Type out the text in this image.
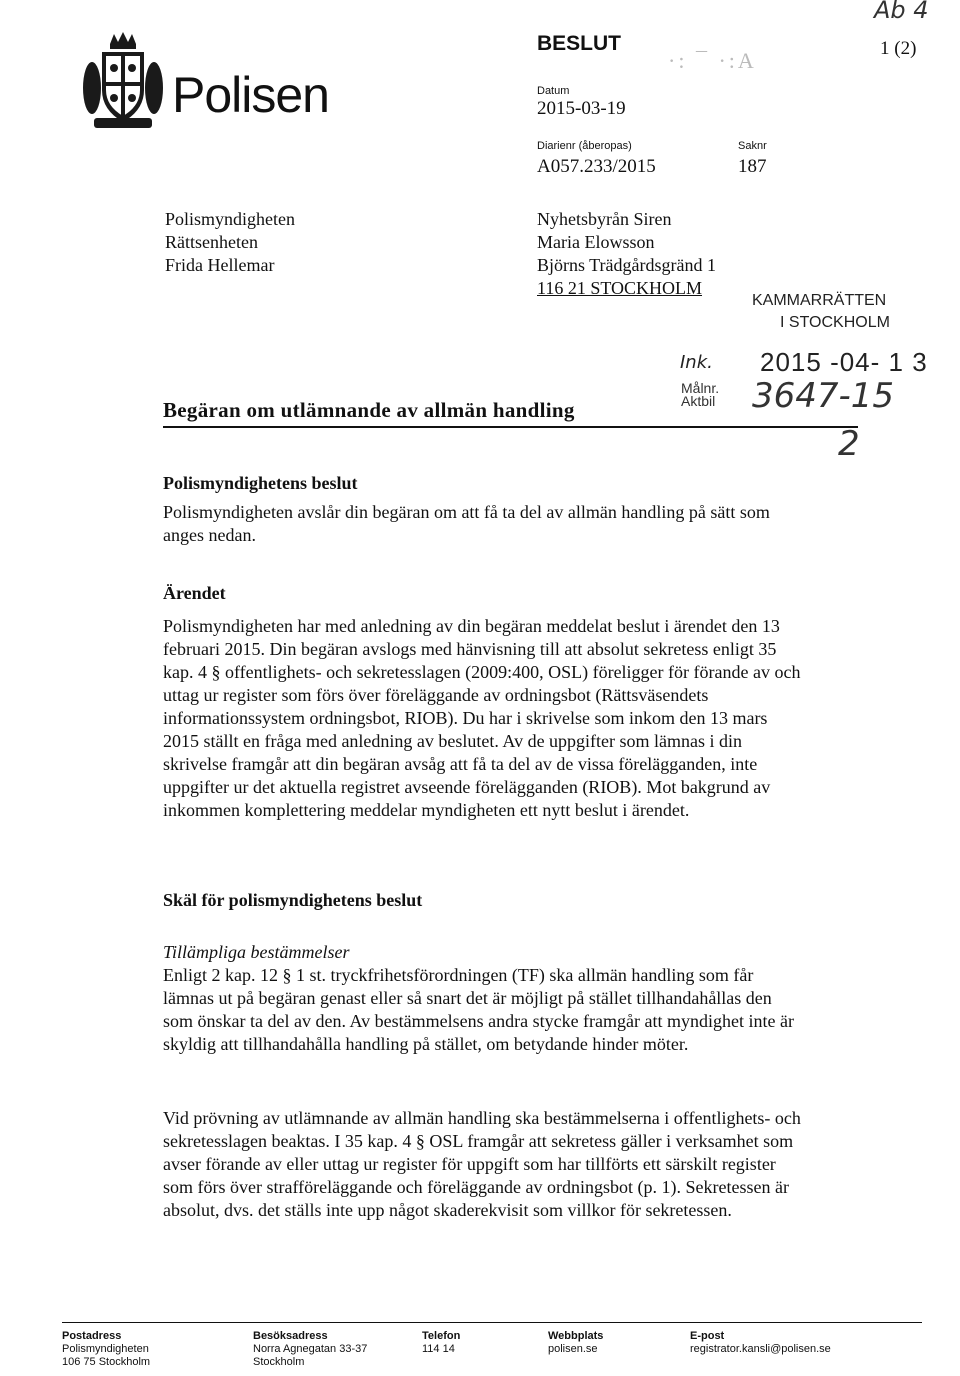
Polisen
BESLUT
·: ¯ ·:A	1 (2)
Ab 4
Datum
2015-03-19
Diarienr (åberopas)
A057.233/2015
Saknr
187
Polismyndigheten
Rättsenheten
Frida Hellemar
Nyhetsbyrån Siren
Maria Elowsson
Björns Trädgårdsgränd 1
116 21 STOCKHOLM
KAMMARRÄTTEN
I STOCKHOLM
Ink. 2015 -04- 1 3
Målnr.
Aktbil 3647-15
2
Begäran om utlämnande av allmän handling
Polismyndighetens beslut
Polismyndigheten avslår din begäran om att få ta del av allmän handling på sätt som anges nedan.
Ärendet
Polismyndigheten har med anledning av din begäran meddelat beslut i ärendet den 13 februari 2015. Din begäran avslogs med hänvisning till att absolut sekretess enligt 35 kap. 4 § offentlighets- och sekretesslagen (2009:400, OSL) föreligger för förande av och uttag ur register som förs över föreläggande av ordningsbot (Rättsväsendets informationssystem ordningsbot, RIOB). Du har i skrivelse som inkom den 13 mars 2015 ställt en fråga med anledning av beslutet. Av de uppgifter som lämnas i din skrivelse framgår att din begäran avsåg att få ta del av de vissa förelägganden, inte uppgifter ur det aktuella registret avseende förelägganden (RIOB). Mot bakgrund av inkommen komplettering meddelar myndigheten ett nytt beslut i ärendet.
Skäl för polismyndighetens beslut
Tillämpliga bestämmelser
Enligt 2 kap. 12 § 1 st. tryckfrihetsförordningen (TF) ska allmän handling som får lämnas ut på begäran genast eller så snart det är möjligt på stället tillhandahållas den som önskar ta del av den. Av bestämmelsens andra stycke framgår att myndighet inte är skyldig att tillhandahålla handling på stället, om betydande hinder möter.
Vid prövning av utlämnande av allmän handling ska bestämmelserna i offentlighets- och sekretesslagen beaktas. I 35 kap. 4 § OSL framgår att sekretess gäller i verksamhet som avser förande av eller uttag ur register för uppgift som har tillförts ett särskilt register som förs över strafföreläggande och föreläggande av ordningsbot (p. 1). Sekretessen är absolut, dvs. det ställs inte upp något skaderekvisit som villkor för sekretessen.
Postadress
Polismyndigheten
106 75 Stockholm
Besöksadress
Norra Agnegatan 33-37
Stockholm
Telefon
114 14
Webbplats
polisen.se
E-post
registrator.kansli@polisen.se
